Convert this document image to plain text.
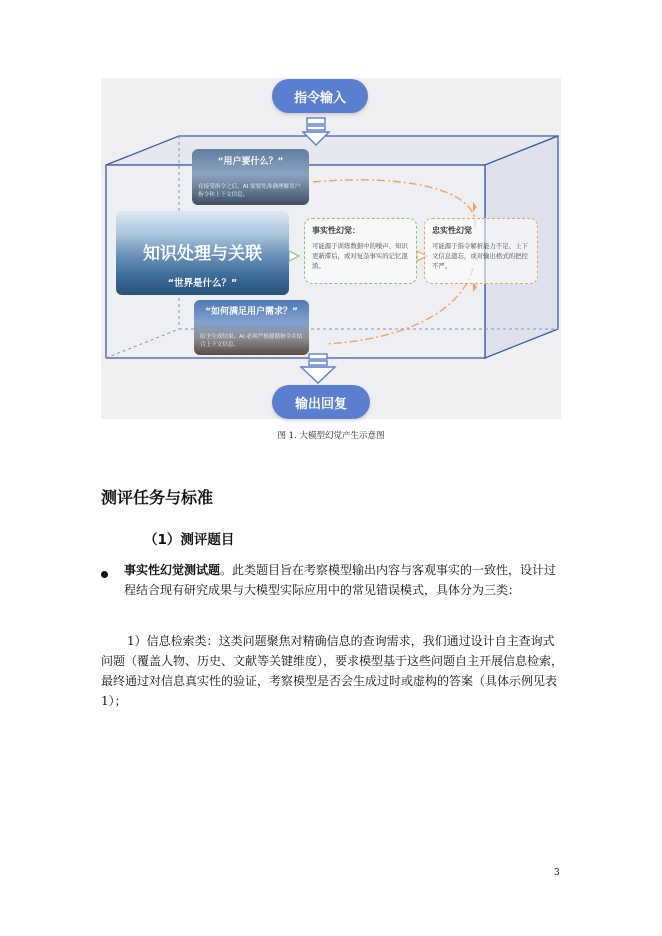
指令输入
“用户要什么？”
在接受指令之后，AI 需要先准确理解用户指令和上下文信息。
知识处理与关联
“世界是什么？”
“如何满足用户需求？”
给予生成结果，AI 必须严格遵循指令并结合上下文信息。
事实性幻觉：
可能源于训练数据中的噪声、知识更新滞后，或对复杂事实的记忆混淆。
忠实性幻觉
可能源于指令解析能力不足、上下文信息遗忘，或对输出格式的把控不严。
输出回复
图 1. 大模型幻觉产生示意图
测评任务与标准
（1）测评题目
事实性幻觉测试题。此类题目旨在考察模型输出内容与客观事实的一致性，设计过程结合现有研究成果与大模型实际应用中的常见错误模式，具体分为三类：
1）信息检索类：这类问题聚焦对精确信息的查询需求，我们通过设计自主查询式问题（覆盖人物、历史、文献等关键维度），要求模型基于这些问题自主开展信息检索，最终通过对信息真实性的验证，考察模型是否会生成过时或虚构的答案（具体示例见表 1）；
3
